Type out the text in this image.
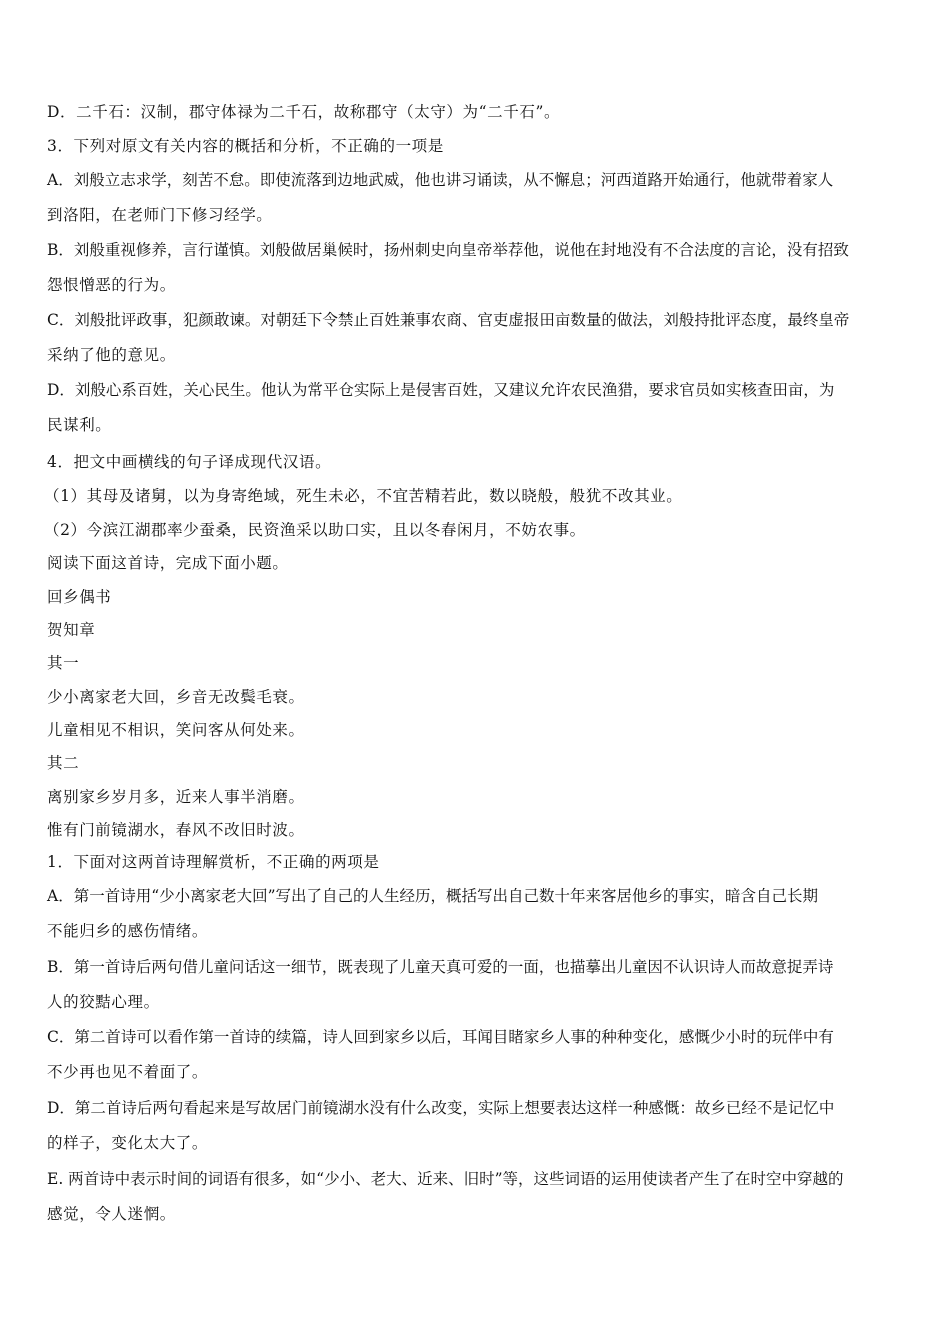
D．二千石：汉制，郡守体禄为二千石，故称郡守（太守）为“二千石”。
3．下列对原文有关内容的概括和分析，不正确的一项是
A．刘般立志求学，刻苦不怠。即使流落到边地武威，他也讲习诵读，从不懈息；河西道路开始通行，他就带着家人
到洛阳，在老师门下修习经学。
B．刘般重视修养，言行谨慎。刘般做居巢候时，扬州刺史向皇帝举荐他，说他在封地没有不合法度的言论，没有招致
怨恨憎恶的行为。
C．刘般批评政事，犯颜敢谏。对朝廷下令禁止百姓兼事农商、官吏虚报田亩数量的做法，刘般持批评态度，最终皇帝
采纳了他的意见。
D．刘般心系百姓，关心民生。他认为常平仓实际上是侵害百姓，又建议允许农民渔猎，要求官员如实核查田亩，为
民谋利。
4．把文中画横线的句子译成现代汉语。
（1）其母及诸舅，以为身寄绝域，死生未必，不宜苦精若此，数以晓般，般犹不改其业。
（2）今滨江湖郡率少蚕桑，民资渔采以助口实，且以冬春闲月，不妨农事。
阅读下面这首诗，完成下面小题。
回乡偶书
贺知章
其一
少小离家老大回，乡音无改鬓毛衰。
儿童相见不相识，笑问客从何处来。
其二
离别家乡岁月多，近来人事半消磨。
惟有门前镜湖水，春风不改旧时波。
1．下面对这两首诗理解赏析，不正确的两项是
A．第一首诗用“少小离家老大回”写出了自己的人生经历，概括写出自己数十年来客居他乡的事实，暗含自己长期
不能归乡的感伤情绪。
B．第一首诗后两句借儿童问话这一细节，既表现了儿童天真可爱的一面，也描摹出儿童因不认识诗人而故意捉弄诗
人的狡黠心理。
C．第二首诗可以看作第一首诗的续篇，诗人回到家乡以后，耳闻目睹家乡人事的种种变化，感慨少小时的玩伴中有
不少再也见不着面了。
D．第二首诗后两句看起来是写故居门前镜湖水没有什么改变，实际上想要表达这样一种感慨：故乡已经不是记忆中
的样子，变化太大了。
E. 两首诗中表示时间的词语有很多，如“少小、老大、近来、旧时”等，这些词语的运用使读者产生了在时空中穿越的
感觉，令人迷惘。
